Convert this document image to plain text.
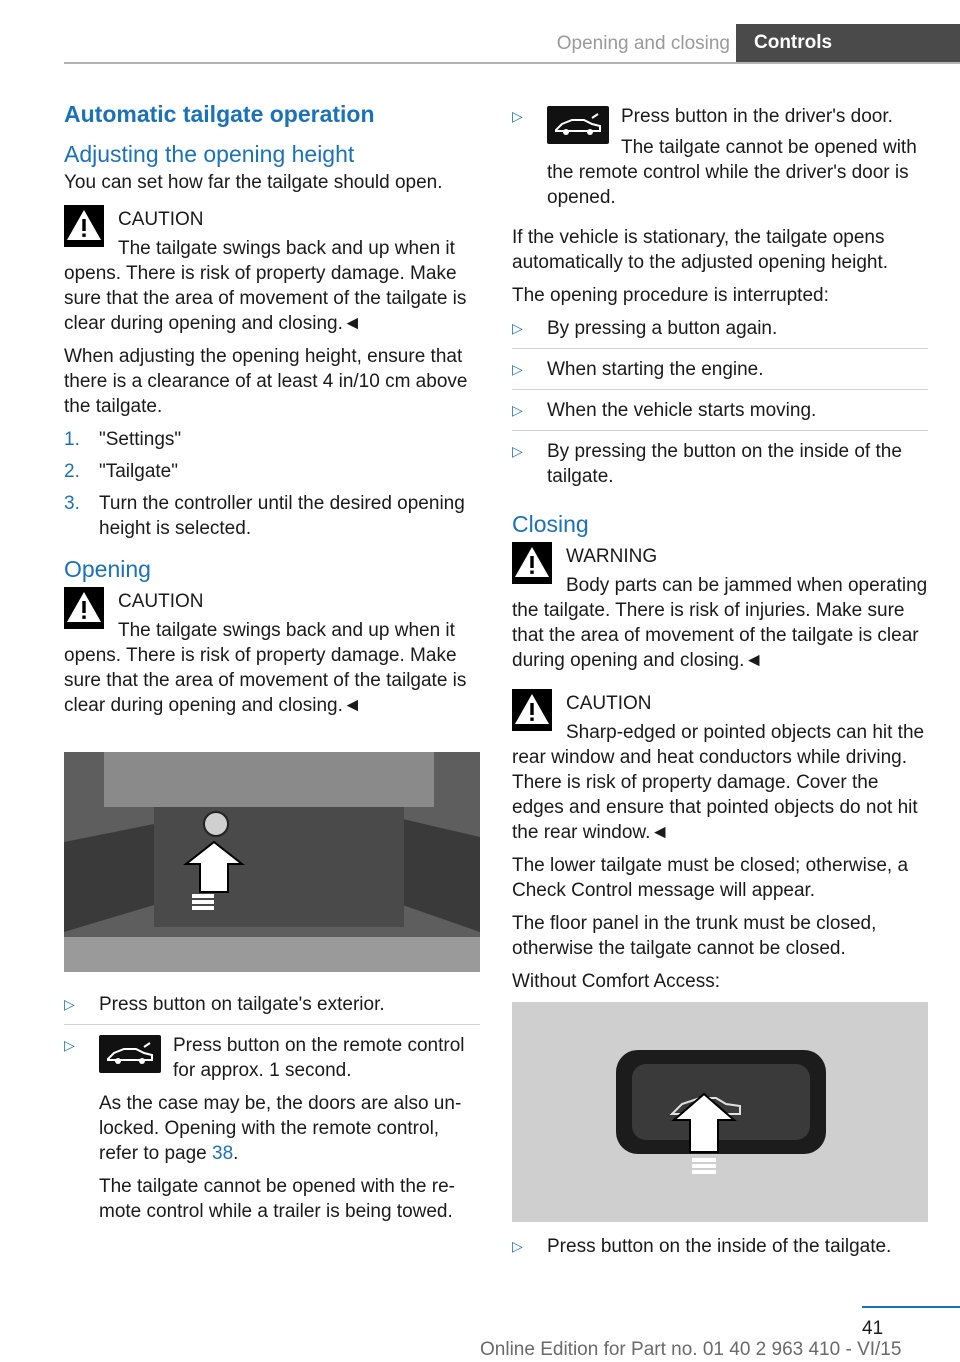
Opening and closing	Controls
Automatic tailgate operation
Adjusting the opening height

You can set how far the tailgate should open.

CAUTION
The tailgate swings back and up when it opens. There is risk of property damage. Make sure that the area of movement of the tailgate is clear during opening and closing.◄

When adjusting the opening height, ensure that there is a clearance of at least 4 in/10 cm above the tailgate.

1. "Settings"
2. "Tailgate"
3. Turn the controller until the desired opening height is selected.
Opening
CAUTION
The tailgate swings back and up when it opens. There is risk of property damage. Make sure that the area of movement of the tailgate is clear during opening and closing.◄
▷ Press button on tailgate's exterior.
▷	Press button on the remote control for approx. 1 second.

As the case may be, the doors are also unlocked. Opening with the remote control, refer to page 38.

The tailgate cannot be opened with the remote control while a trailer is being towed.

▷	Press button in the driver's door.
The tailgate cannot be opened with the remote control while the driver's door is opened.

If the vehicle is stationary, the tailgate opens automatically to the adjusted opening height.

The opening procedure is interrupted:

▷ By pressing a button again.
▷ When starting the engine.
▷ When the vehicle starts moving.
▷ By pressing the button on the inside of the tailgate.
Closing
WARNING
Body parts can be jammed when operating the tailgate. There is risk of injuries. Make sure that the area of movement of the tailgate is clear during opening and closing.◄
CAUTION
Sharp-edged or pointed objects can hit the rear window and heat conductors while driving. There is risk of property damage. Cover the edges and ensure that pointed objects do not hit the rear window.◄

The lower tailgate must be closed; otherwise, a Check Control message will appear.

The floor panel in the trunk must be closed, otherwise the tailgate cannot be closed.

Without Comfort Access:

▷ Press button on the inside of the tailgate.
41
Online Edition for Part no. 01 40 2 963 410 - VI/15
